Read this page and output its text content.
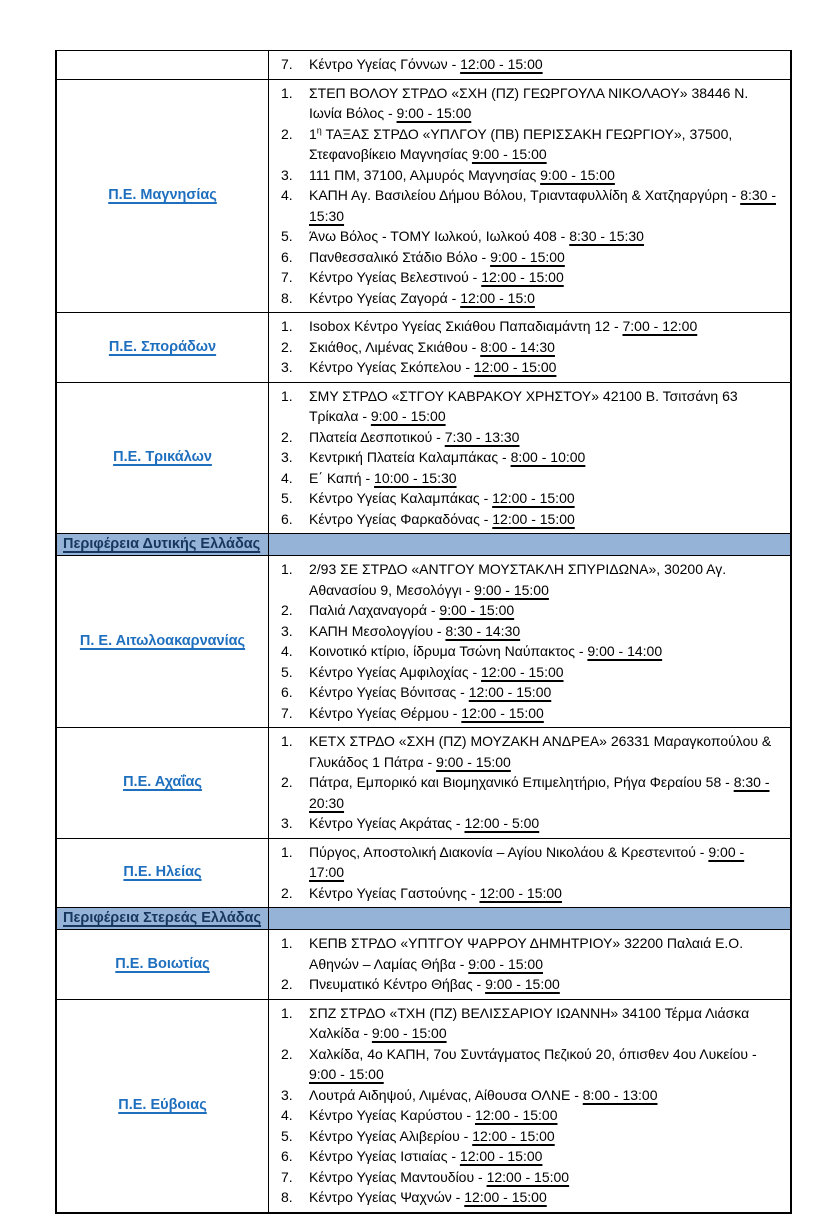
7.	Κέντρο Υγείας Γόννων - 12:00 - 15:00
Π.Ε. Μαγνησίας
1.	ΣΤΕΠ ΒΟΛΟΥ ΣΤΡΔΟ «ΣΧΗ (ΠΖ) ΓΕΩΡΓΟΥΛΑ ΝΙΚΟΛΑΟΥ» 38446 Ν. Ιωνία Βόλος - 9:00 - 15:00
2.	$1^\eta$ ΤΑΞΑΣ ΣΤΡΔΟ «ΥΠΛΓΟΥ (ΠΒ) ΠΕΡΙΣΣΑΚΗ ΓΕΩΡΓΙΟΥ», 37500, Στεφανοβίκειο Μαγνησίας 9:00 - 15:00
3.	111 ΠΜ, 37100, Αλμυρός Μαγνησίας 9:00 - 15:00
4.	ΚΑΠΗ Αγ. Βασιλείου Δήμου Βόλου, Τριανταφυλλίδη & Χατζηαργύρη - 8:30 - 15:30
5.	Άνω Βόλος - ΤΟΜΥ Ιωλκού, Ιωλκού 408 - 8:30 - 15:30
6.	Πανθεσσαλικό Στάδιο Βόλο - 9:00 - 15:00
7.	Κέντρο Υγείας Βελεστινού - 12:00 - 15:00
8.	Κέντρο Υγείας Ζαγορά - 12:00 - 15:0
Π.Ε. Σποράδων
1.	Isobox Κέντρο Υγείας Σκιάθου Παπαδιαμάντη 12 - 7:00 - 12:00
2.	Σκιάθος, Λιμένας Σκιάθου - 8:00 - 14:30
3.	Κέντρο Υγείας Σκόπελου - 12:00 - 15:00
Π.Ε. Τρικάλων
1.	ΣΜΥ ΣΤΡΔΟ «ΣΤΓΟΥ ΚΑΒΡΑΚΟΥ ΧΡΗΣΤΟΥ» 42100 Β. Τσιτσάνη 63 Τρίκαλα - 9:00 - 15:00
2.	Πλατεία Δεσποτικού - 7:30 - 13:30
3.	Κεντρική Πλατεία Καλαμπάκας - 8:00 - 10:00
4.	Ε΄ Καπή - 10:00 - 15:30
5.	Κέντρο Υγείας Καλαμπάκας - 12:00 - 15:00
6.	Κέντρο Υγείας Φαρκαδόνας - 12:00 - 15:00
Περιφέρεια Δυτικής Ελλάδας
Π. Ε. Αιτωλοακαρνανίας
1.	2/93 ΣΕ ΣΤΡΔΟ «ΑΝΤΓΟΥ ΜΟΥΣΤΑΚΛΗ ΣΠΥΡΙΔΩΝΑ», 30200 Αγ. Αθανασίου 9, Μεσολόγγι - 9:00 - 15:00
2.	Παλιά Λαχαναγορά - 9:00 - 15:00
3.	ΚΑΠΗ Μεσολογγίου - 8:30 - 14:30
4.	Κοινοτικό κτίριο, ίδρυμα Τσώνη Ναύπακτος - 9:00 - 14:00
5.	Κέντρο Υγείας Αμφιλοχίας - 12:00 - 15:00
6.	Κέντρο Υγείας Βόνιτσας - 12:00 - 15:00
7.	Κέντρο Υγείας Θέρμου - 12:00 - 15:00
Π.Ε. Αχαΐας
1.	ΚΕΤΧ ΣΤΡΔΟ «ΣΧΗ (ΠΖ) ΜΟΥΖΑΚΗ ΑΝΔΡΕΑ» 26331 Μαραγκοπούλου & Γλυκάδος 1 Πάτρα - 9:00 - 15:00
2.	Πάτρα, Εμπορικό και Βιομηχανικό Επιμελητήριο, Ρήγα Φεραίου 58 - 8:30 - 20:30
3.	Κέντρο Υγείας Ακράτας - 12:00 - 5:00
Π.Ε. Ηλείας
1.	Πύργος, Αποστολική Διακονία – Αγίου Νικολάου & Κρεστενιτού - 9:00 - 17:00
2.	Κέντρο Υγείας Γαστούνης - 12:00 - 15:00
Περιφέρεια Στερεάς Ελλάδας
Π.Ε. Βοιωτίας
1.	ΚΕΠΒ ΣΤΡΔΟ «ΥΠΤΓΟΥ ΨΑΡΡΟΥ ΔΗΜΗΤΡΙΟΥ» 32200 Παλαιά Ε.Ο. Αθηνών – Λαμίας Θήβα - 9:00 - 15:00
2.	Πνευματικό Κέντρο Θήβας - 9:00 - 15:00
Π.Ε. Εύβοιας
1.	ΣΠΖ ΣΤΡΔΟ «ΤΧΗ (ΠΖ) ΒΕΛΙΣΣΑΡΙΟΥ ΙΩΑΝΝΗ» 34100 Τέρμα Λιάσκα Χαλκίδα - 9:00 - 15:00
2.	Χαλκίδα, 4ο ΚΑΠΗ, 7ου Συντάγματος Πεζικού 20, όπισθεν 4ου Λυκείου - 9:00 - 15:00
3.	Λουτρά Αιδηψού, Λιμένας, Αίθουσα ΟΛΝΕ - 8:00 - 13:00
4.	Κέντρο Υγείας Καρύστου - 12:00 - 15:00
5.	Κέντρο Υγείας Αλιβερίου - 12:00 - 15:00
6.	Κέντρο Υγείας Ιστιαίας - 12:00 - 15:00
7.	Κέντρο Υγείας Μαντουδίου - 12:00 - 15:00
8.	Κέντρο Υγείας Ψαχνών - 12:00 - 15:00
